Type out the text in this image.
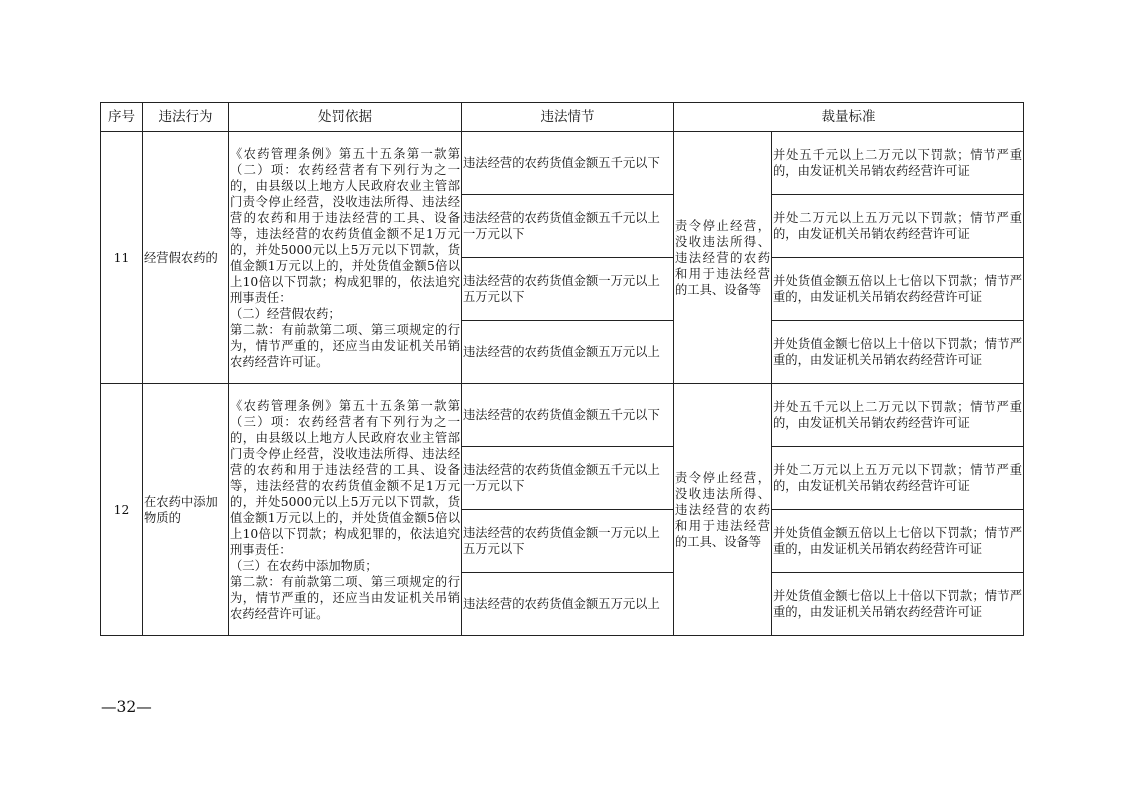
序号	违法行为	处罚依据	违法情节	裁量标准	
11	经营假农药的	《农药管理条例》第五十五条第一款第（二）项：农药经营者有下列行为之一的，由县级以上地方人民政府农业主管部门责令停止经营，没收违法所得、违法经营的农药和用于违法经营的工具、设备等，违法经营的农药货值金额不足1万元的，并处5000元以上5万元以下罚款，货值金额1万元以上的，并处货值金额5倍以上10倍以下罚款；构成犯罪的，依法追究刑事责任：
（二）经营假农药；
第二款：有前款第二项、第三项规定的行为，情节严重的，还应当由发证机关吊销农药经营许可证。	违法经营的农药货值金额五千元以下	责令停止经营，没收违法所得、违法经营的农药和用于违法经营的工具、设备等	并处五千元以上二万元以下罚款；情节严重的，由发证机关吊销农药经营许可证
			违法经营的农药货值金额五千元以上一万元以下		并处二万元以上五万元以下罚款；情节严重的，由发证机关吊销农药经营许可证
			违法经营的农药货值金额一万元以上五万元以下		并处货值金额五倍以上七倍以下罚款；情节严重的，由发证机关吊销农药经营许可证
			违法经营的农药货值金额五万元以上		并处货值金额七倍以上十倍以下罚款；情节严重的，由发证机关吊销农药经营许可证
12	在农药中添加物质的	《农药管理条例》第五十五条第一款第（三）项：农药经营者有下列行为之一的，由县级以上地方人民政府农业主管部门责令停止经营，没收违法所得、违法经营的农药和用于违法经营的工具、设备等，违法经营的农药货值金额不足1万元的，并处5000元以上5万元以下罚款，货值金额1万元以上的，并处货值金额5倍以上10倍以下罚款；构成犯罪的，依法追究刑事责任：
（三）在农药中添加物质；
第二款：有前款第二项、第三项规定的行为，情节严重的，还应当由发证机关吊销农药经营许可证。	违法经营的农药货值金额五千元以下	责令停止经营，没收违法所得、违法经营的农药和用于违法经营的工具、设备等	并处五千元以上二万元以下罚款；情节严重的，由发证机关吊销农药经营许可证
			违法经营的农药货值金额五千元以上一万元以下		并处二万元以上五万元以下罚款；情节严重的，由发证机关吊销农药经营许可证
			违法经营的农药货值金额一万元以上五万元以下		并处货值金额五倍以上七倍以下罚款；情节严重的，由发证机关吊销农药经营许可证
			违法经营的农药货值金额五万元以上		并处货值金额七倍以上十倍以下罚款；情节严重的，由发证机关吊销农药经营许可证
—32—
